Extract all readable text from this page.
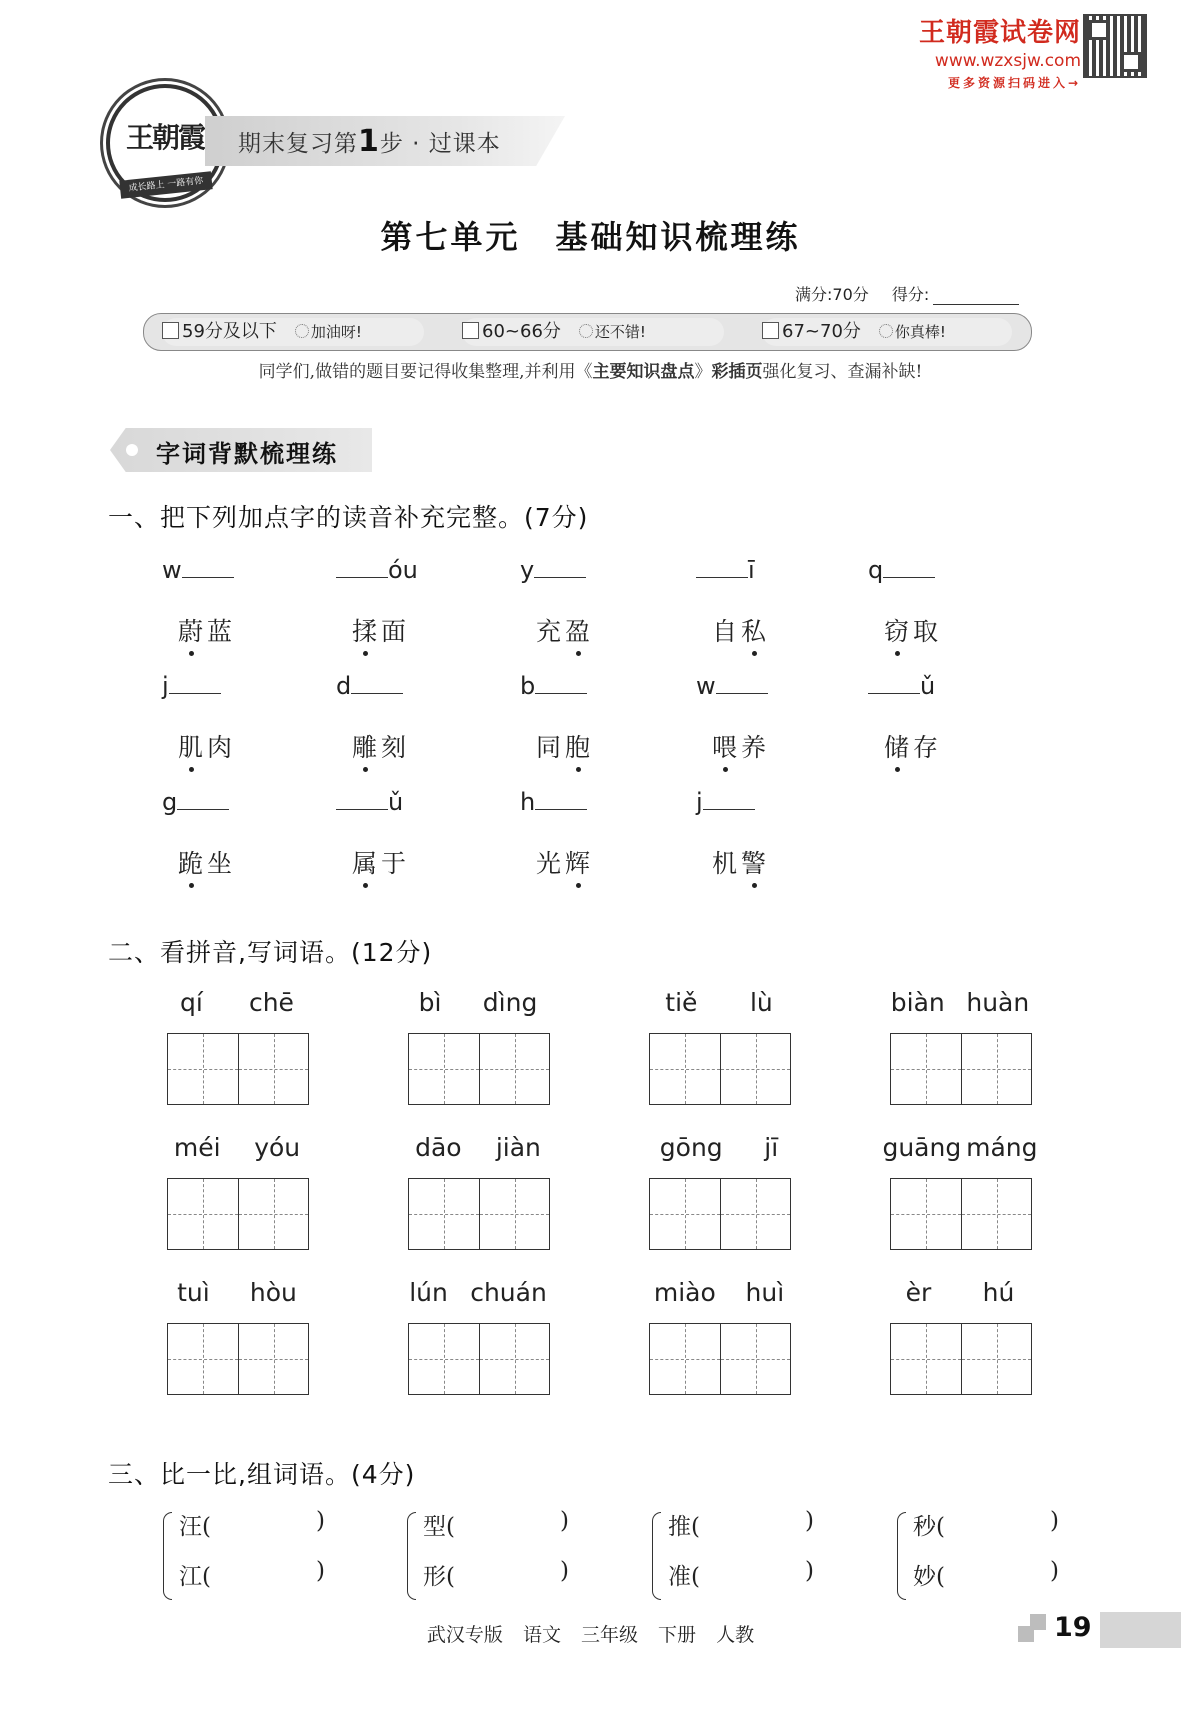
王朝霞试卷网
www.wzxsjw.com
更多资源扫码进入→
王朝霞
成长路上 一路有你
期末复习第1步 · 过课本
第七单元　基础知识梳理练
满分:70分 得分:
59分及以下 加油呀!	60~66分 还不错!	67~70分 你真棒!
同学们,做错的题目要记得收集整理,并利用《主要知识盘点》彩插页强化复习、查漏补缺!
字词背默梳理练
一、把下列加点字的读音补充完整。(7分)
w
蔚蓝
óu
揉面
y
充盈
ī
自私
q
窃取
j
肌肉
d
雕刻
b
同胞
w
喂养
ǔ
储存
g
跪坐
ǔ
属于
h
光辉
j
机警
二、看拼音,写词语。(12分)
qí chē	bì dìng	tiě lù	biàn huàn
méi yóu	dāo jiàn	gōng jī	guāng máng
tuì hòu	lún chuán	miào huì	èr hú
三、比一比,组词语。(4分)
汪(	)
江(	)
型(	)
形(	)
推(	)
准(	)
秒(	)
妙(	)
武汉专版 语文 三年级 下册 人教	19
